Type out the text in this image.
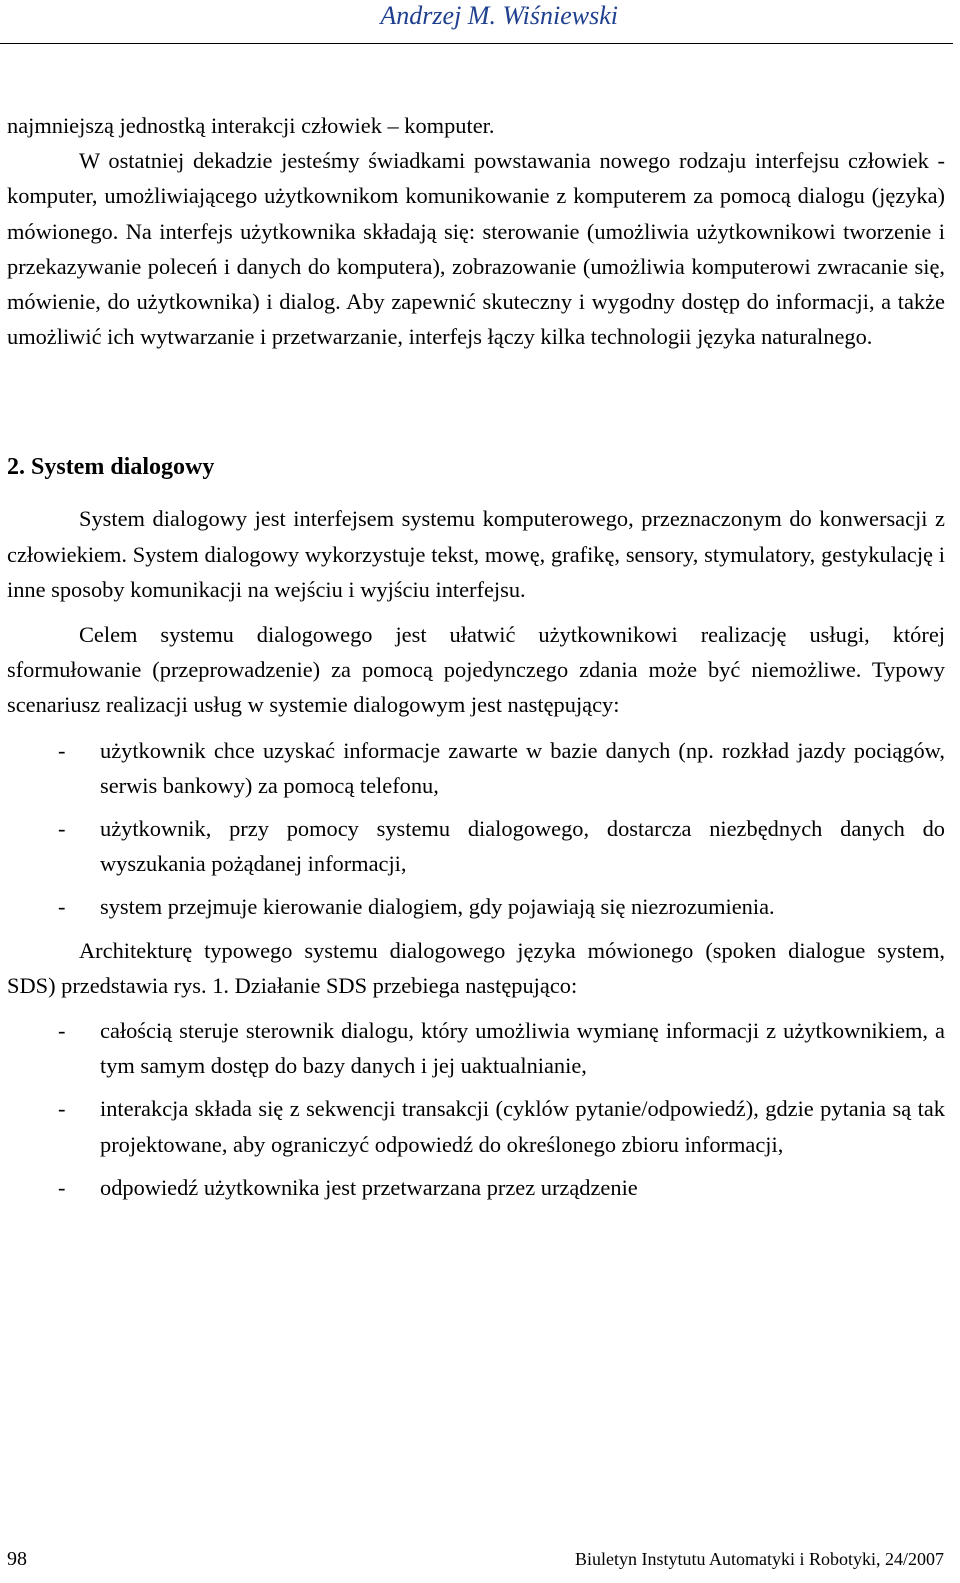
Andrzej M. Wiśniewski

najmniejszą jednostką interakcji człowiek – komputer.

W ostatniej dekadzie jesteśmy świadkami powstawania nowego rodzaju interfejsu człowiek - komputer, umożliwiającego użytkownikom komunikowanie z komputerem za pomocą dialogu (języka) mówionego. Na interfejs użytkownika składają się: sterowanie (umożliwia użytkownikowi tworzenie i przekazywanie poleceń i danych do komputera), zobrazowanie (umożliwia komputerowi zwracanie się, mówienie, do użytkownika) i dialog. Aby zapewnić skuteczny i wygodny dostęp do informacji, a także umożliwić ich wytwarzanie i przetwarzanie, interfejs łączy kilka technologii języka naturalnego.

2. System dialogowy

System dialogowy jest interfejsem systemu komputerowego, przeznaczonym do konwersacji z człowiekiem. System dialogowy wykorzystuje tekst, mowę, grafikę, sensory, stymulatory, gestykulację i inne sposoby komunikacji na wejściu i wyjściu interfejsu.

Celem systemu dialogowego jest ułatwić użytkownikowi realizację usługi, której sformułowanie (przeprowadzenie) za pomocą pojedynczego zdania może być niemożliwe. Typowy scenariusz realizacji usług w systemie dialogowym jest następujący:

- użytkownik chce uzyskać informacje zawarte w bazie danych (np. rozkład jazdy pociągów, serwis bankowy) za pomocą telefonu,
- użytkownik, przy pomocy systemu dialogowego, dostarcza niezbędnych danych do wyszukania pożądanej informacji,
- system przejmuje kierowanie dialogiem, gdy pojawiają się niezrozumienia.

Architekturę typowego systemu dialogowego języka mówionego (spoken dialogue system, SDS) przedstawia rys. 1. Działanie SDS przebiega następująco:

- całością steruje sterownik dialogu, który umożliwia wymianę informacji z użytkownikiem, a tym samym dostęp do bazy danych i jej uaktualnianie,
- interakcja składa się z sekwencji transakcji (cyklów pytanie/odpowiedź), gdzie pytania są tak projektowane, aby ograniczyć odpowiedź do określonego zbioru informacji,
- odpowiedź użytkownika jest przetwarzana przez urządzenie
98	Biuletyn Instytutu Automatyki i Robotyki, 24/2007
